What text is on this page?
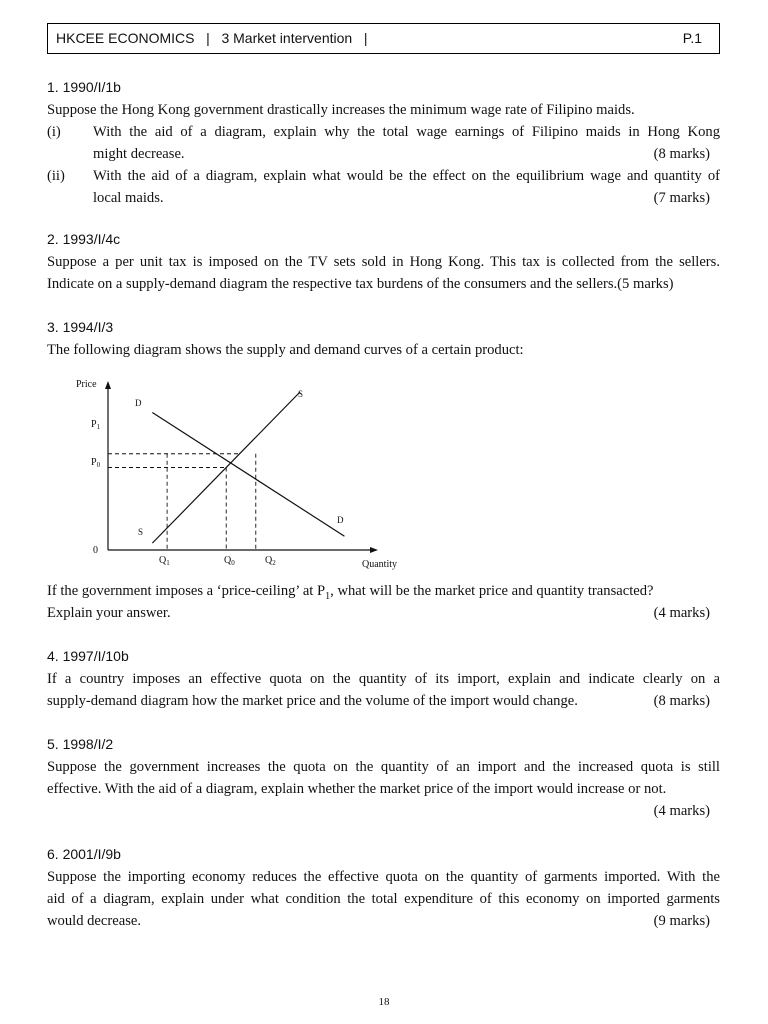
HKCEE ECONOMICS | 3 Market intervention |	P.1
1. 1990/I/1b
Suppose the Hong Kong government drastically increases the minimum wage rate of Filipino maids.
(i)	With the aid of a diagram, explain why the total wage earnings of Filipino maids in Hong Kong
might decrease.	(8 marks)
(ii)	With the aid of a diagram, explain what would be the effect on the equilibrium wage and quantity of
local maids.	(7 marks)
2. 1993/I/4c
Suppose a per unit tax is imposed on the TV sets sold in Hong Kong. This tax is collected from the sellers.
Indicate on a supply-demand diagram the respective tax burdens of the consumers and the sellers.(5 marks)
3. 1994/I/3
The following diagram shows the supply and demand curves of a certain product:
Price
Quantity
0
$P_1$
$P_0$
$Q_1$	$Q_0$	$Q_2$
S
S
D
D
If the government imposes a ‘price-ceiling’ at $P_1$, what will be the market price and quantity transacted?
Explain your answer.	(4 marks)
4. 1997/I/10b
If a country imposes an effective quota on the quantity of its import, explain and indicate clearly on a
supply-demand diagram how the market price and the volume of the import would change.	(8 marks)
5. 1998/I/2
Suppose the government increases the quota on the quantity of an import and the increased quota is still
effective. With the aid of a diagram, explain whether the market price of the import would increase or not.
(4 marks)
6. 2001/I/9b
Suppose the importing economy reduces the effective quota on the quantity of garments imported. With the
aid of a diagram, explain under what condition the total expenditure of this economy on imported garments
would decrease.	(9 marks)
18
